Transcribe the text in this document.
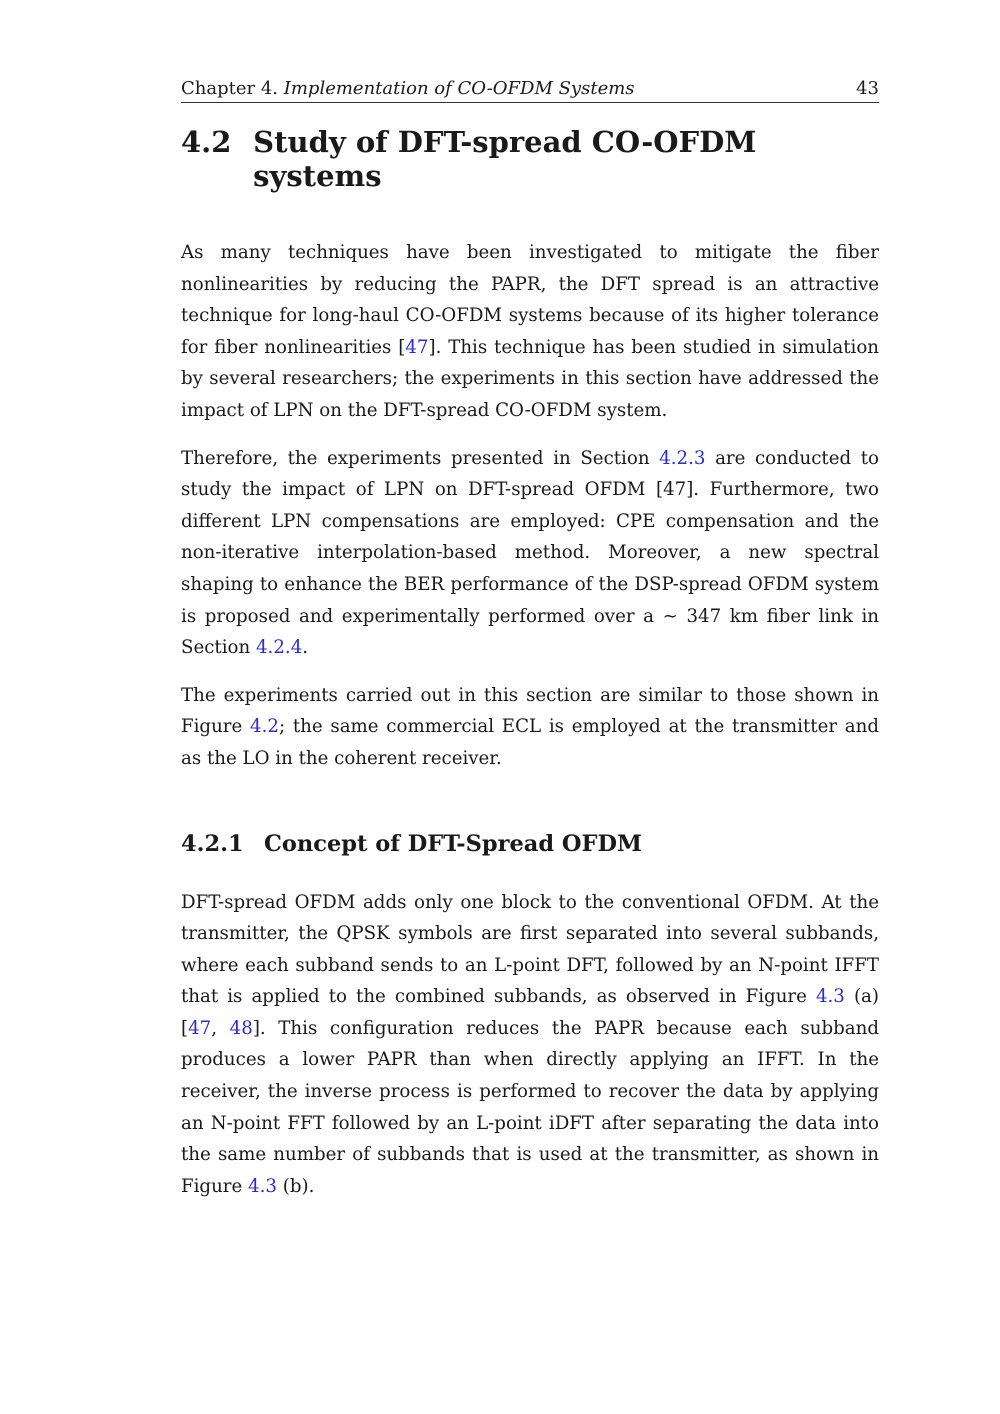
Chapter 4. Implementation of CO-OFDM Systems	43
4.2 Study of DFT-spread CO-OFDM systems

As many techniques have been investigated to mitigate the fiber nonlinearities by reducing the PAPR, the DFT spread is an attractive technique for long-haul CO-OFDM systems because of its higher tolerance for fiber nonlinearities [47]. This technique has been studied in simulation by several researchers; the experiments in this section have addressed the impact of LPN on the DFT-spread CO-OFDM system.

Therefore, the experiments presented in Section 4.2.3 are conducted to study the impact of LPN on DFT-spread OFDM [47]. Furthermore, two different LPN compensations are employed: CPE compensation and the non-iterative interpolation-based method. Moreover, a new spectral shaping to enhance the BER performance of the DSP-spread OFDM system is proposed and experimentally performed over a ∼ 347 km fiber link in Section 4.2.4.

The experiments carried out in this section are similar to those shown in Figure 4.2; the same commercial ECL is employed at the transmitter and as the LO in the coherent receiver.

4.2.1 Concept of DFT-Spread OFDM

DFT-spread OFDM adds only one block to the conventional OFDM. At the transmitter, the QPSK symbols are first separated into several subbands, where each subband sends to an L-point DFT, followed by an N-point IFFT that is applied to the combined subbands, as observed in Figure 4.3 (a) [47, 48]. This configuration reduces the PAPR because each subband produces a lower PAPR than when directly applying an IFFT. In the receiver, the inverse process is performed to recover the data by applying an N-point FFT followed by an L-point iDFT after separating the data into the same number of subbands that is used at the transmitter, as shown in Figure 4.3 (b).
